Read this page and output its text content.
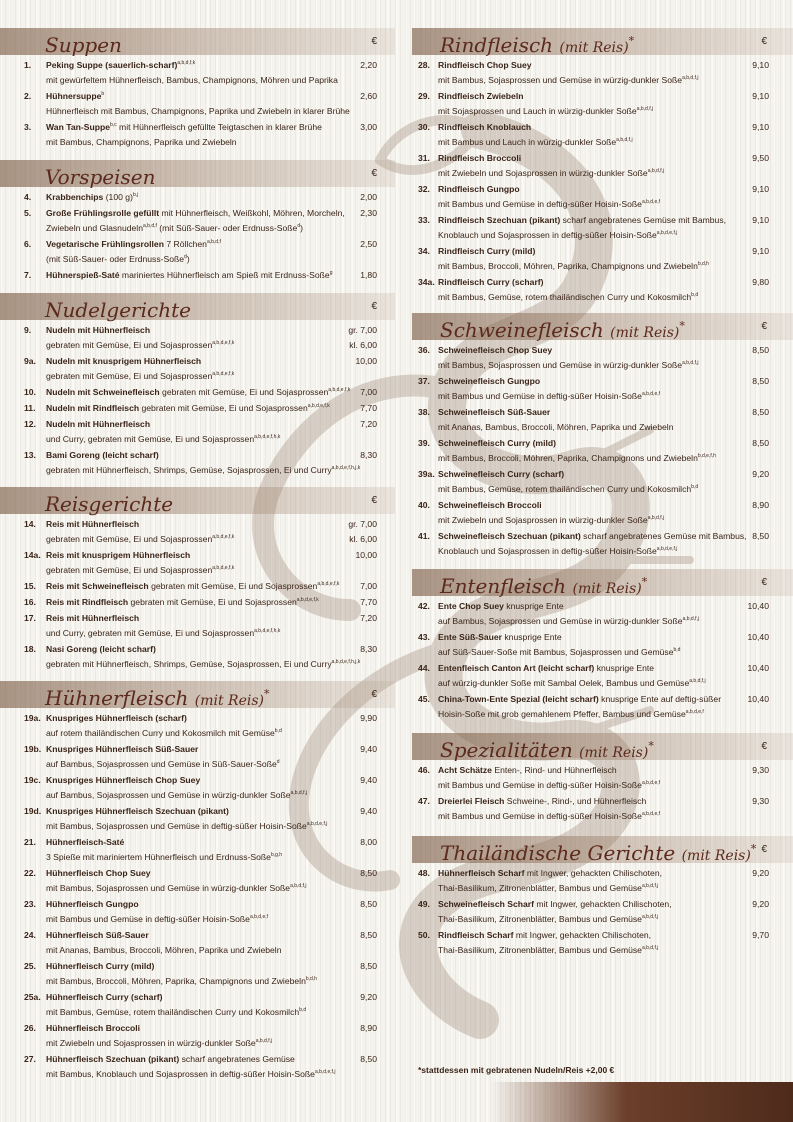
Suppen	€
1. Peking Suppe (sauerlich-scharf)$^{a,b,d,f,k}$	2,20
mit gewürfeltem Hühnerfleisch, Bambus, Champignons, Möhren und Paprika
2. Hühnersuppe$^b$	2,60
Hühnerfleisch mit Bambus, Champignons, Paprika und Zwiebeln in klarer Brühe
3. Wan Tan-Suppe$^{b,c}$ mit Hühnerfleisch gefüllte Teigtaschen in klarer Brühe	3,00
mit Bambus, Champignons, Paprika und Zwiebeln
Vorspeisen	€
4. Krabbenchips (100 g)$^{b,j}$	2,00
5. Große Frühlingsrolle gefüllt mit Hühnerfleisch, Weißkohl, Möhren, Morcheln, 2,30
Zwiebeln und Glasnudeln$^{a,b,d,f}$ (mit Süß-Sauer- oder Erdnuss-Soße$^d$)
6. Vegetarische Frühlingsrollen 7 Röllchen$^{a,b,d,f}$	2,50
(mit Süß-Sauer- oder Erdnuss-Soße$^d$)
7. Hühnerspieß-Saté mariniertes Hühnerfleisch am Spieß mit Erdnuss-Soße$^g$	1,80
Nudelgerichte	€
9. Nudeln mit Hühnerfleisch	gr. 7,00
gebraten mit Gemüse, Ei und Sojasprossen$^{a,b,d,e,f,k}$	kl. 6,00
9a. Nudeln mit knusprigem Hühnerfleisch	10,00
gebraten mit Gemüse, Ei und Sojasprossen$^{a,b,d,e,f,k}$
10. Nudeln mit Schweinefleisch gebraten mit Gemüse, Ei und Sojasprossen$^{a,b,d,e,f,k}$ 7,00
11. Nudeln mit Rindfleisch gebraten mit Gemüse, Ei und Sojasprossen$^{a,b,d,e,f,k}$	7,70
12. Nudeln mit Hühnerfleisch	7,20
und Curry, gebraten mit Gemüse, Ei und Sojasprossen$^{a,b,d,e,f,h,k}$
13. Bami Goreng (leicht scharf)	8,30
gebraten mit Hühnerfleisch, Shrimps, Gemüse, Sojasprossen, Ei und Curry$^{a,b,d,e,f,h,j,k}$
Reisgerichte	€
14. Reis mit Hühnerfleisch	gr. 7,00
gebraten mit Gemüse, Ei und Sojasprossen$^{a,b,d,e,f,k}$	kl. 6,00
14a. Reis mit knusprigem Hühnerfleisch	10,00
gebraten mit Gemüse, Ei und Sojasprossen$^{a,b,d,e,f,k}$
15. Reis mit Schweinefleisch gebraten mit Gemüse, Ei und Sojasprossen$^{a,b,d,e,f,k}$ 7,00
16. Reis mit Rindfleisch gebraten mit Gemüse, Ei und Sojasprossen$^{a,b,d,e,f,k}$	7,70
17. Reis mit Hühnerfleisch	7,20
und Curry, gebraten mit Gemüse, Ei und Sojasprossen$^{a,b,d,e,f,h,k}$
18. Nasi Goreng (leicht scharf)	8,30
gebraten mit Hühnerfleisch, Shrimps, Gemüse, Sojasprossen, Ei und Curry$^{a,b,d,e,f,h,j,k}$
Hühnerfleisch (mit Reis)*	€
19a. Knuspriges Hühnerfleisch (scharf)	9,90
auf rotem thailändischen Curry und Kokosmilch mit Gemüse$^{b,d}$
19b. Knuspriges Hühnerfleisch Süß-Sauer	9,40
auf Bambus, Sojasprossen und Gemüse in Süß-Sauer-Soße$^d$
19c. Knuspriges Hühnerfleisch Chop Suey	9,40
auf Bambus, Sojasprossen und Gemüse in würzig-dunkler Soße$^{a,b,d,f,j}$
19d. Knuspriges Hühnerfleisch Szechuan (pikant)	9,40
mit Bambus, Sojasprossen und Gemüse in deftig-süßer Hoisin-Soße$^{a,b,d,e,f,j}$
21. Hühnerfleisch-Saté	8,00
3 Spieße mit mariniertem Hühnerfleisch und Erdnuss-Soße$^{b,g,h}$
22. Hühnerfleisch Chop Suey	8,50
mit Bambus, Sojasprossen und Gemüse in würzig-dunkler Soße$^{a,b,d,f,j}$
23. Hühnerfleisch Gungpo	8,50
mit Bambus und Gemüse in deftig-süßer Hoisin-Soße$^{a,b,d,e,f}$
24. Hühnerfleisch Süß-Sauer	8,50
mit Ananas, Bambus, Broccoli, Möhren, Paprika und Zwiebeln
25. Hühnerfleisch Curry (mild)	8,50
mit Bambus, Broccoli, Möhren, Paprika, Champignons und Zwiebeln$^{b,d,h}$
25a. Hühnerfleisch Curry (scharf)	9,20
mit Bambus, Gemüse, rotem thailändischen Curry und Kokosmilch$^{b,d}$
26. Hühnerfleisch Broccoli	8,90
mit Zwiebeln und Sojasprossen in würzig-dunkler Soße$^{a,b,d,f,j}$
27. Hühnerfleisch Szechuan (pikant) scharf angebratenes Gemüse	8,50
mit Bambus, Knoblauch und Sojasprossen in deftig-süßer Hoisin-Soße$^{a,b,d,e,f,j}$
Rindfleisch (mit Reis)*	€
28. Rindfleisch Chop Suey	9,10
mit Bambus, Sojasprossen und Gemüse in würzig-dunkler Soße$^{a,b,d,f,j}$
29. Rindfleisch Zwiebeln	9,10
mit Sojasprossen und Lauch in würzig-dunkler Soße$^{a,b,d,f,j}$
30. Rindfleisch Knoblauch	9,10
mit Bambus und Lauch in würzig-dunkler Soße$^{a,b,d,f,j}$
31. Rindfleisch Broccoli	9,50
mit Zwiebeln und Sojasprossen in würzig-dunkler Soße$^{a,b,d,f,j}$
32. Rindfleisch Gungpo	9,10
mit Bambus und Gemüse in deftig-süßer Hoisin-Soße$^{a,b,d,e,f}$
33. Rindfleisch Szechuan (pikant) scharf angebratenes Gemüse mit Bambus,	9,10
Knoblauch und Sojasprossen in deftig-süßer Hoisin-Soße$^{a,b,d,e,f,j}$
34. Rindfleisch Curry (mild)	9,10
mit Bambus, Broccoli, Möhren, Paprika, Champignons und Zwiebeln$^{b,d,h}$
34a. Rindfleisch Curry (scharf)	9,80
mit Bambus, Gemüse, rotem thailändischen Curry und Kokosmilch$^{b,d}$
Schweinefleisch (mit Reis)*	€
36. Schweinefleisch Chop Suey	8,50
mit Bambus, Sojasprossen und Gemüse in würzig-dunkler Soße$^{a,b,d,f,j}$
37. Schweinefleisch Gungpo	8,50
mit Bambus und Gemüse in deftig-süßer Hoisin-Soße$^{a,b,d,e,f}$
38. Schweinefleisch Süß-Sauer	8,50
mit Ananas, Bambus, Broccoli, Möhren, Paprika und Zwiebeln
39. Schweinefleisch Curry (mild)	8,50
mit Bambus, Broccoli, Möhren, Paprika, Champignons und Zwiebeln$^{b,d,e,f,h}$
39a. Schweinefleisch Curry (scharf)	9,20
mit Bambus, Gemüse, rotem thailändischen Curry und Kokosmilch$^{b,d}$
40. Schweinefleisch Broccoli	8,90
mit Zwiebeln und Sojasprossen in würzig-dunkler Soße$^{a,b,d,f,j}$
41. Schweinefleisch Szechuan (pikant) scharf angebratenes Gemüse mit Bambus, 8,50
Knoblauch und Sojasprossen in deftig-süßer Hoisin-Soße$^{a,b,d,e,f,j}$
Entenfleisch (mit Reis)*	€
42. Ente Chop Suey knusprige Ente	10,40
auf Bambus, Sojasprossen und Gemüse in würzig-dunkler Soße$^{a,b,d,f,j}$
43. Ente Süß-Sauer knusprige Ente	10,40
auf Süß-Sauer-Soße mit Bambus, Sojasprossen und Gemüse$^{b,d}$
44. Entenfleisch Canton Art (leicht scharf) knusprige Ente	10,40
auf würzig-dunkler Soße mit Sambal Oelek, Bambus und Gemüse$^{a,b,d,f,j}$
45. China-Town-Ente Spezial (leicht scharf) knusprige Ente auf deftig-süßer	10,40
Hoisin-Soße mit grob gemahlenem Pfeffer, Bambus und Gemüse$^{a,b,d,e,f}$
Spezialitäten (mit Reis)*	€
46. Acht Schätze Enten-, Rind- und Hühnerfleisch	9,30
mit Bambus und Gemüse in deftig-süßer Hoisin-Soße$^{a,b,d,e,f}$
47. Dreierlei Fleisch Schweine-, Rind-, und Hühnerfleisch	9,30
mit Bambus und Gemüse in deftig-süßer Hoisin-Soße$^{a,b,d,e,f}$
Thailändische Gerichte (mit Reis)* €
48. Hühnerfleisch Scharf mit Ingwer, gehackten Chilischoten,	9,20
Thai-Basilikum, Zitronenblätter, Bambus und Gemüse$^{a,b,d,f,j}$
49. Schweinefleisch Scharf mit Ingwer, gehackten Chilischoten,	9,20
Thai-Basilikum, Zitronenblätter, Bambus und Gemüse$^{a,b,d,f,j}$
50. Rindfleisch Scharf mit Ingwer, gehackten Chilischoten,	9,70
Thai-Basilikum, Zitronenblätter, Bambus und Gemüse$^{a,b,d,f,j}$
*stattdessen mit gebratenen Nudeln/Reis +2,00 €
